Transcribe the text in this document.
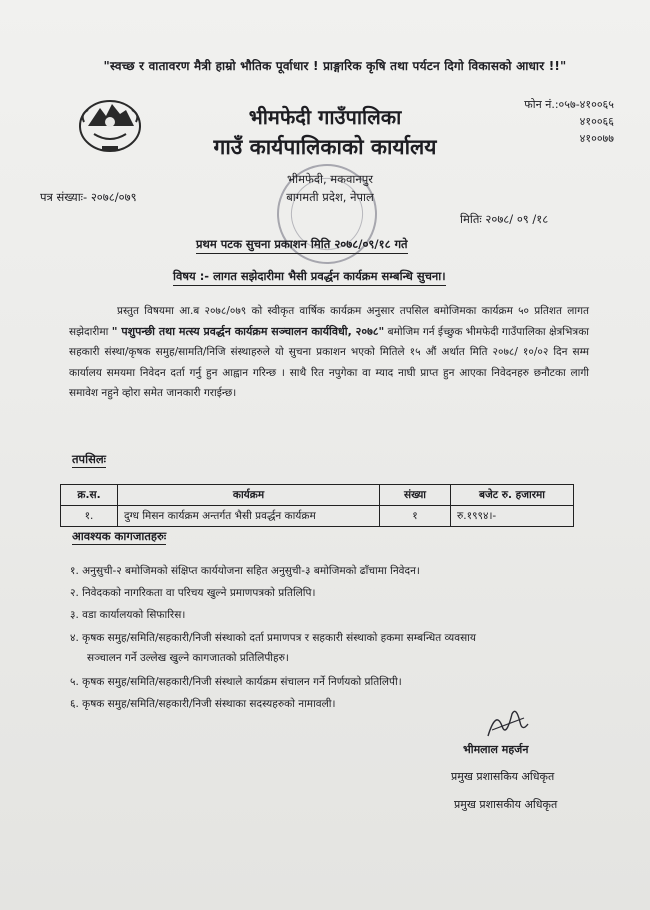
"स्वच्छ र वातावरण मैत्री हाम्रो भौतिक पूर्वाधार ! प्राङ्गारिक कृषि तथा पर्यटन दिगो विकासको आधार !!"
भीमफेदी गाउँपालिका
गाउँ कार्यपालिकाको कार्यालय
फोन नं.:०५७-४१००६५
४१००६६
४१००७७
भीमफेदी, मकवानपुर
बागमती प्रदेश, नेपाल
पत्र संख्याः- २०७८/०७९
मितिः २०७८/ ०९ /१८
प्रथम पटक सुचना प्रकाशन मिति २०७८/०९/१८ गते
विषय :- लागत सझेदारीमा भैसी प्रवर्द्धन कार्यक्रम सम्बन्धि सुचना।
प्रस्तुत विषयमा आ.ब २०७८/०७९ को स्वीकृत वार्षिक कार्यक्रम अनुसार तपसिल बमोजिमका कार्यक्रम ५० प्रतिशत लागत सझेदारीमा " पशुपन्छी तथा मत्स्य प्रवर्द्धन कार्यक्रम सञ्चालन कार्यविधी, २०७८" बमोजिम गर्न ईच्छुक भीमफेदी गाउँपालिका क्षेत्रभित्रका सहकारी संस्था/कृषक समुह/सामति/निजि संस्थाहरुले यो सुचना प्रकाशन भएको मितिले १५ औं अर्थात मिति २०७८/ १०/०२ दिन सम्म कार्यालय समयमा निवेदन दर्ता गर्नु हुन आह्वान गरिन्छ । साथै रित नपुगेका वा म्याद नाघी प्राप्त हुन आएका निवेदनहरु छनौटका लागी समावेश नहुने व्होरा समेत जानकारी गराईन्छ।
तपसिलः
क्र.स.	कार्यक्रम	संख्या	बजेट रु. हजारमा
१.	दुग्ध मिसन कार्यक्रम अन्तर्गत भैसी प्रवर्द्धन कार्यक्रम	१	रु.१९९४।-
आवश्यक कागजातहरुः
१. अनुसुची-२ बमोजिमको संक्षिप्त कार्ययोजना सहित अनुसुची-३ बमोजिमको ढाँचामा निवेदन।
२. निवेदकको नागरिकता वा परिचय खुल्ने प्रमाणपत्रको प्रतिलिपि।
३. वडा कार्यालयको सिफारिस।
४. कृषक समुह/समिति/सहकारी/निजी संस्थाको दर्ता प्रमाणपत्र र सहकारी संस्थाको हकमा सम्बन्धित व्यवसाय
सञ्चालन गर्ने उल्लेख खुल्ने कागजातको प्रतिलिपीहरु।
५. कृषक समुह/समिति/सहकारी/निजी संस्थाले कार्यक्रम संचालन गर्ने निर्णयको प्रतिलिपी।
६. कृषक समुह/समिति/सहकारी/निजी संस्थाका सदस्यहरुको नामावली।
भीमलाल महर्जन
प्रमुख प्रशासकिय अधिकृत
प्रमुख प्रशासकीय अधिकृत
